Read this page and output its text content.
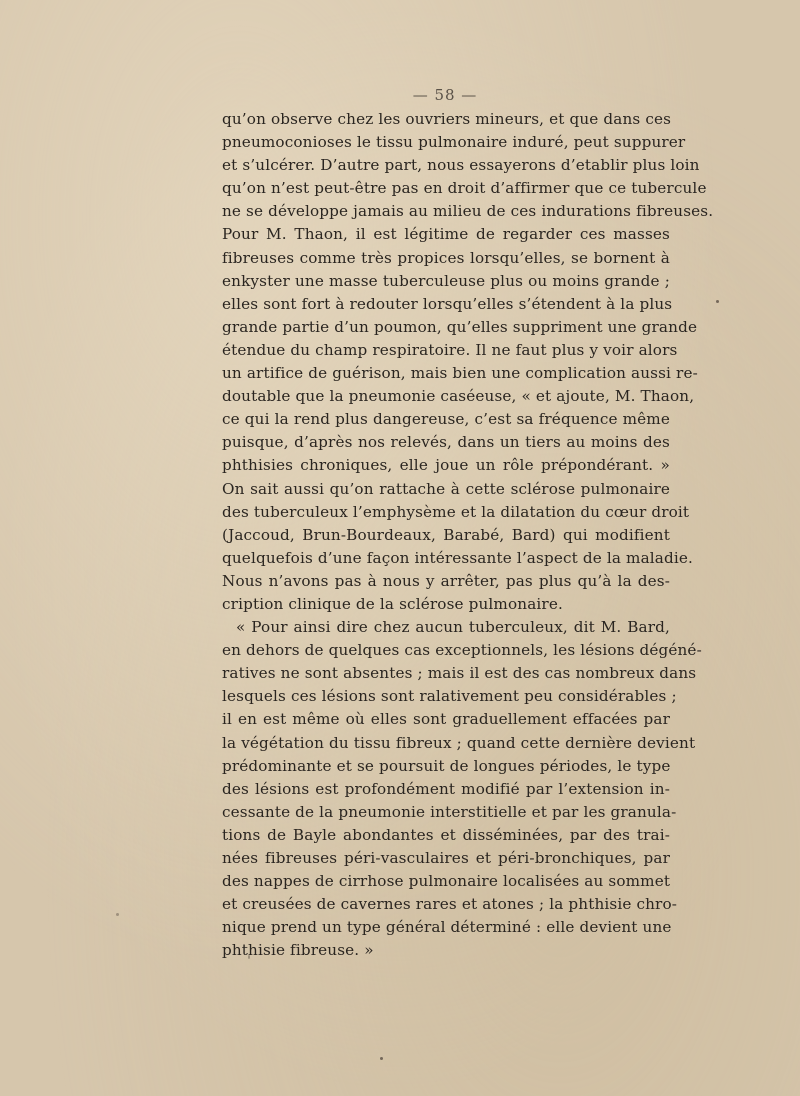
— 58 —
qu’on observe chez les ouvriers mineurs, et que dans ces
pneumoconioses le tissu pulmonaire induré, peut suppurer
et s’ulcérer. D’autre part, nous essayerons d’etablir plus loin
qu’on n’est peut-être pas en droit d’affirmer que ce tubercule
ne se développe jamais au milieu de ces indurations fibreuses.
Pour M. Thaon, il est légitime de regarder ces masses
fibreuses comme très propices lorsqu’elles, se bornent à
enkyster une masse tuberculeuse plus ou moins grande ;
elles sont fort à redouter lorsqu’elles s’étendent à la plus
grande partie d’un poumon, qu’elles suppriment une grande
étendue du champ respiratoire. Il ne faut plus y voir alors
un artifice de guérison, mais bien une complication aussi re-
doutable que la pneumonie caséeuse, « et ajoute, M. Thaon,
ce qui la rend plus dangereuse, c’est sa fréquence même
puisque, d’après nos relevés, dans un tiers au moins des
phthisies chroniques, elle joue un rôle prépondérant. »
On sait aussi qu’on rattache à cette sclérose pulmonaire
des tuberculeux l’emphysème et la dilatation du cœur droit
(Jaccoud, Brun-Bourdeaux, Barabé, Bard) qui modifient
quelquefois d’une façon intéressante l’aspect de la maladie.
Nous n’avons pas à nous y arrêter, pas plus qu’à la des-
cription clinique de la sclérose pulmonaire.
« Pour ainsi dire chez aucun tuberculeux, dit M. Bard,
en dehors de quelques cas exceptionnels, les lésions dégéné-
ratives ne sont absentes ; mais il est des cas nombreux dans
lesquels ces lésions sont ralativement peu considérables ;
il en est même où elles sont graduellement effacées par
la végétation du tissu fibreux ; quand cette dernière devient
prédominante et se poursuit de longues périodes, le type
des lésions est profondément modifié par l’extension in-
cessante de la pneumonie interstitielle et par les granula-
tions de Bayle abondantes et disséminées, par des trai-
nées fibreuses péri-vasculaires et péri-bronchiques, par
des nappes de cirrhose pulmonaire localisées au sommet
et creusées de cavernes rares et atones ; la phthisie chro-
nique prend un type général déterminé : elle devient une
phthisie fibreuse. »
